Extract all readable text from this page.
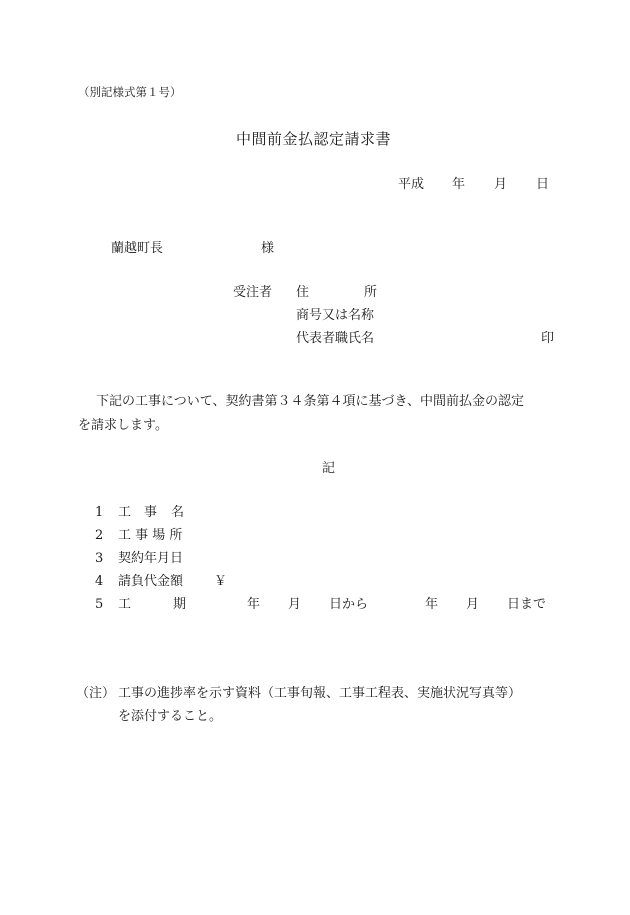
（別記様式第１号）
中間前金払認定請求書
平成 年 月 日
蘭越町長	様
受注者 住	所
商号又は名称
代表者職氏名	印
下記の工事について、契約書第３４条第４項に基づき、中間前払金の認定
を請求します。
記
1 工 事 名
2 工 事 場 所
3 契約年月日
4 請負代金額 ￥
5 工	期	年 月 日から	年 月 日まで
（注） 工事の進捗率を示す資料（工事旬報、工事工程表、実施状況写真等）
を添付すること。
